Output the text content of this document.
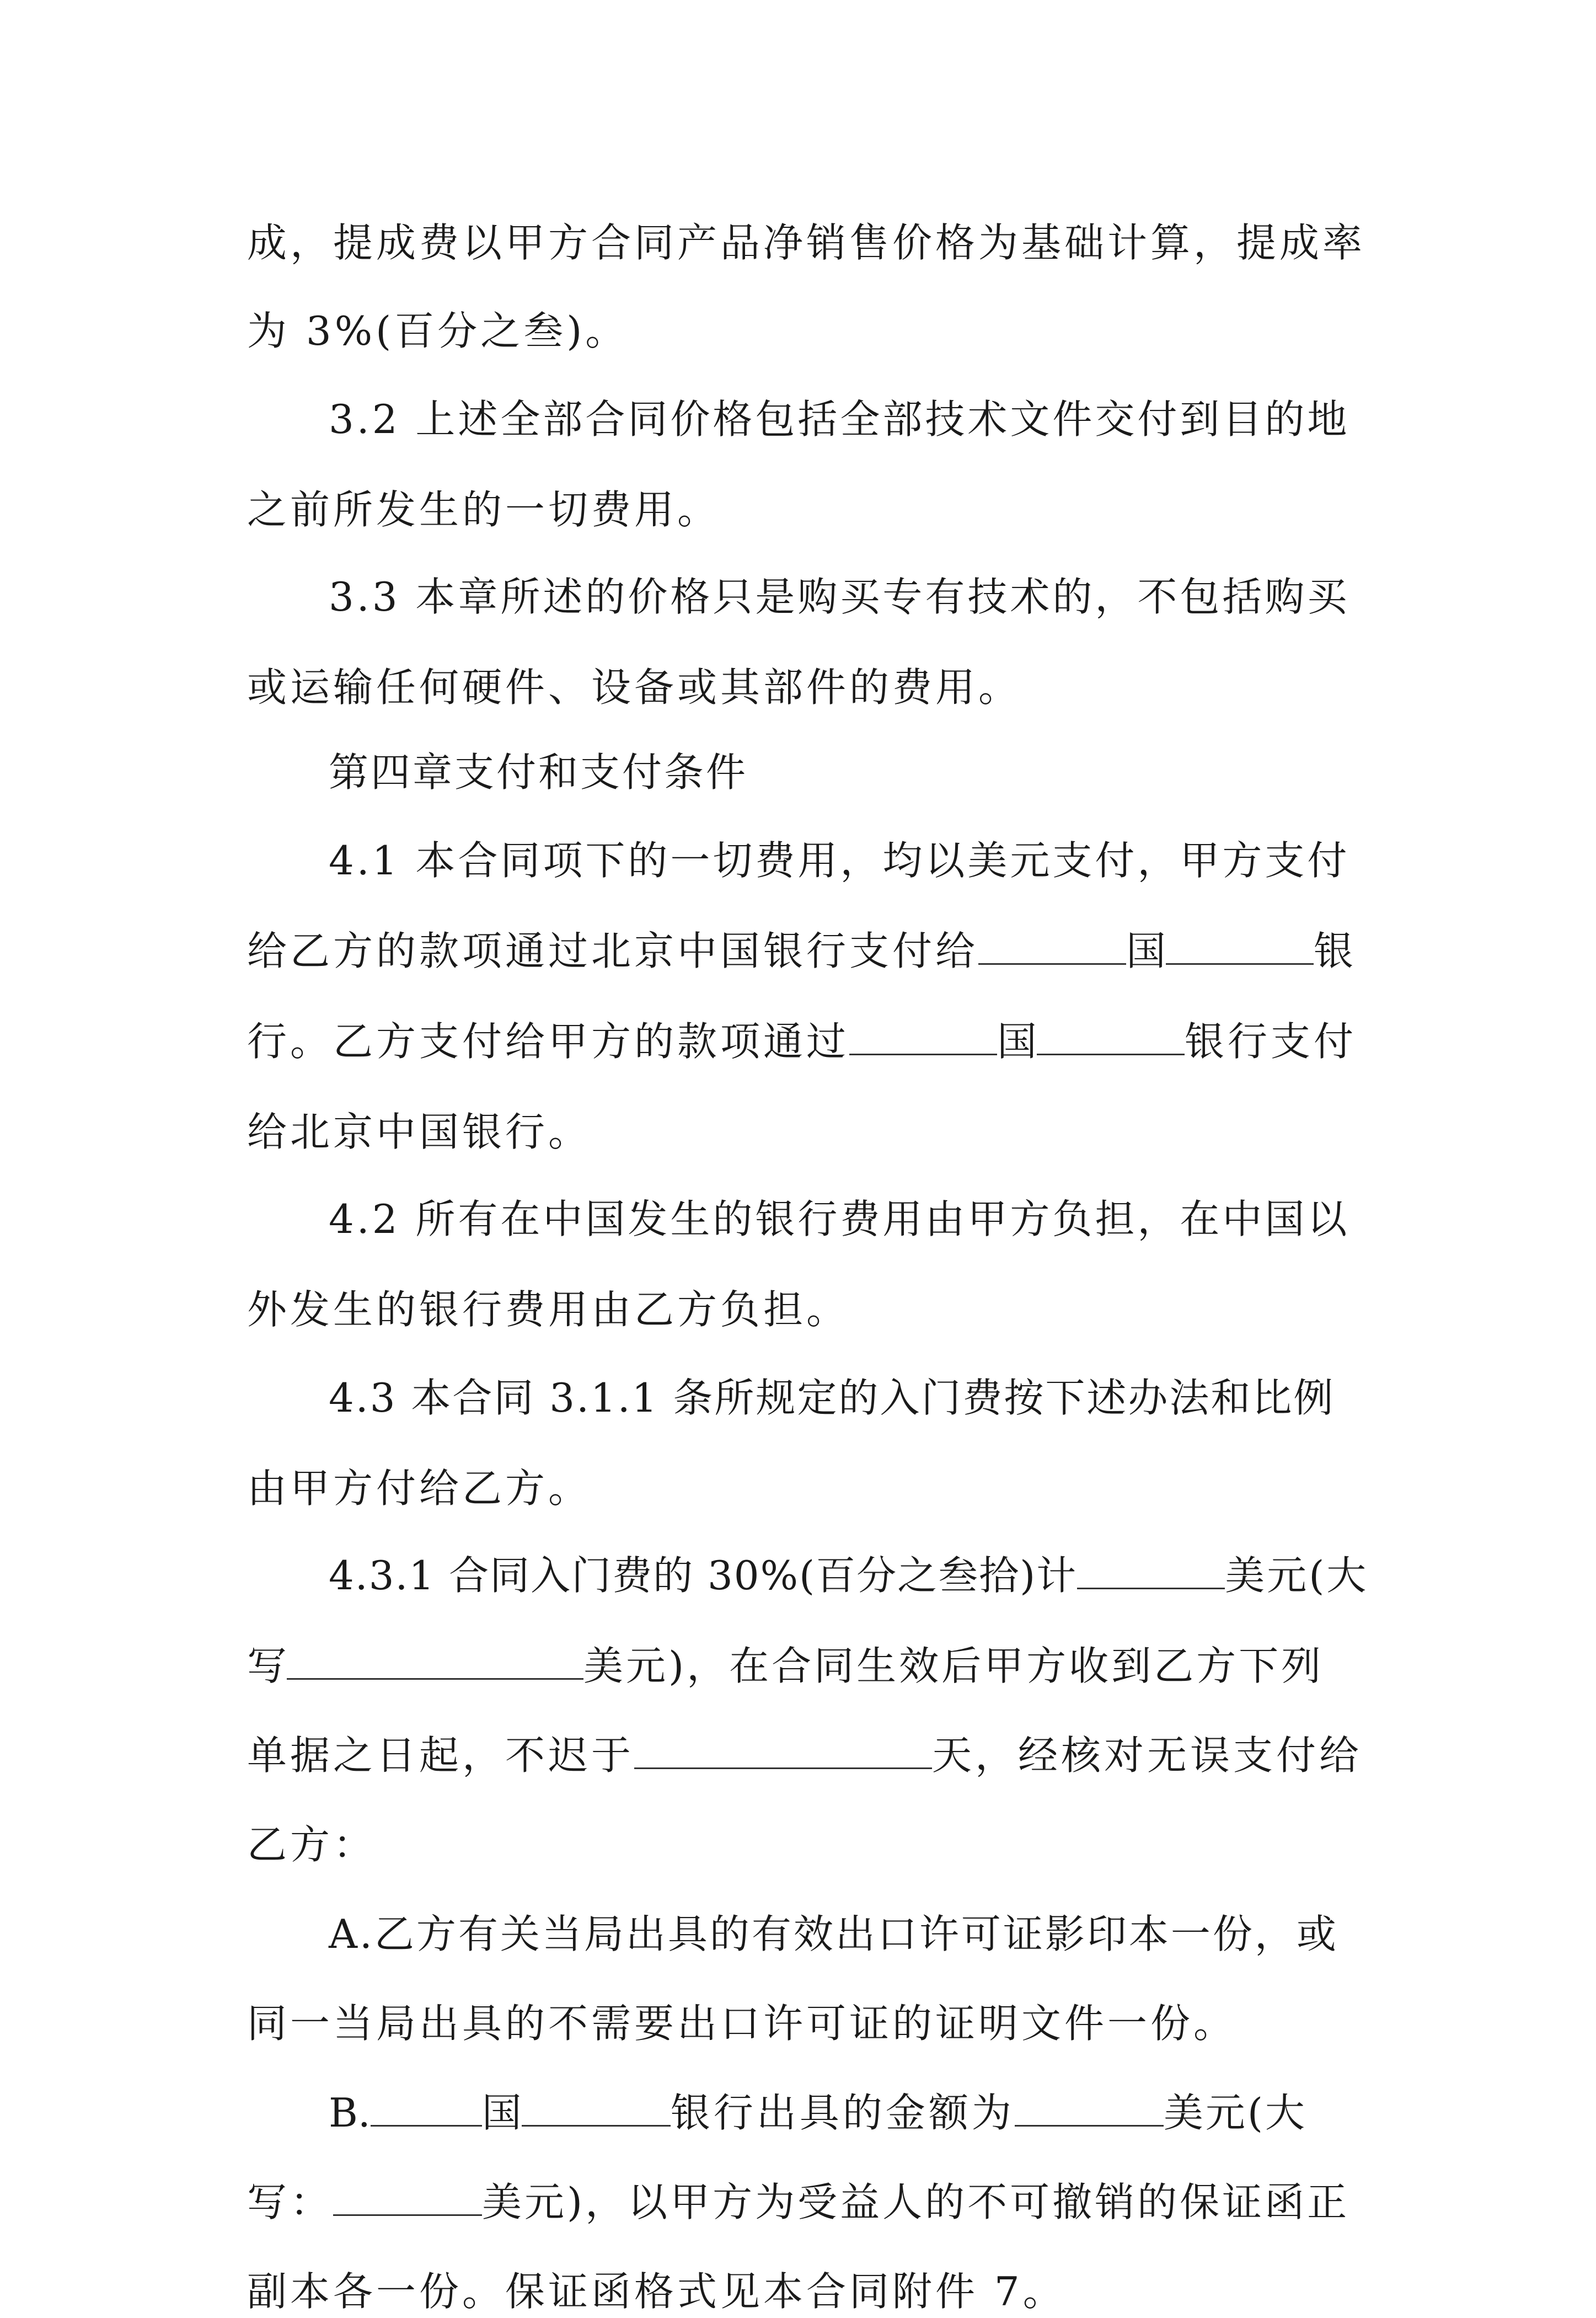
成，提成费以甲方合同产品净销售价格为基础计算，提成率
为 3%(百分之叁)。
3.2 上述全部合同价格包括全部技术文件交付到目的地
之前所发生的一切费用。
3.3 本章所述的价格只是购买专有技术的，不包括购买
或运输任何硬件、设备或其部件的费用。
第四章支付和支付条件
4.1 本合同项下的一切费用，均以美元支付，甲方支付
给乙方的款项通过北京中国银行支付给	国	银
行。乙方支付给甲方的款项通过	国	银行支付
给北京中国银行。
4.2 所有在中国发生的银行费用由甲方负担，在中国以
外发生的银行费用由乙方负担。
4.3 本合同 3.1.1 条所规定的入门费按下述办法和比例
由甲方付给乙方。
4.3.1 合同入门费的 30%(百分之叁拾)计	美元(大
写	美元)，在合同生效后甲方收到乙方下列
单据之日起，不迟于	天，经核对无误支付给
乙方：
A.乙方有关当局出具的有效出口许可证影印本一份，或
同一当局出具的不需要出口许可证的证明文件一份。
B.	国	银行出具的金额为	美元(大
写：	美元)，以甲方为受益人的不可撤销的保证函正
副本各一份。保证函格式见本合同附件 7。
